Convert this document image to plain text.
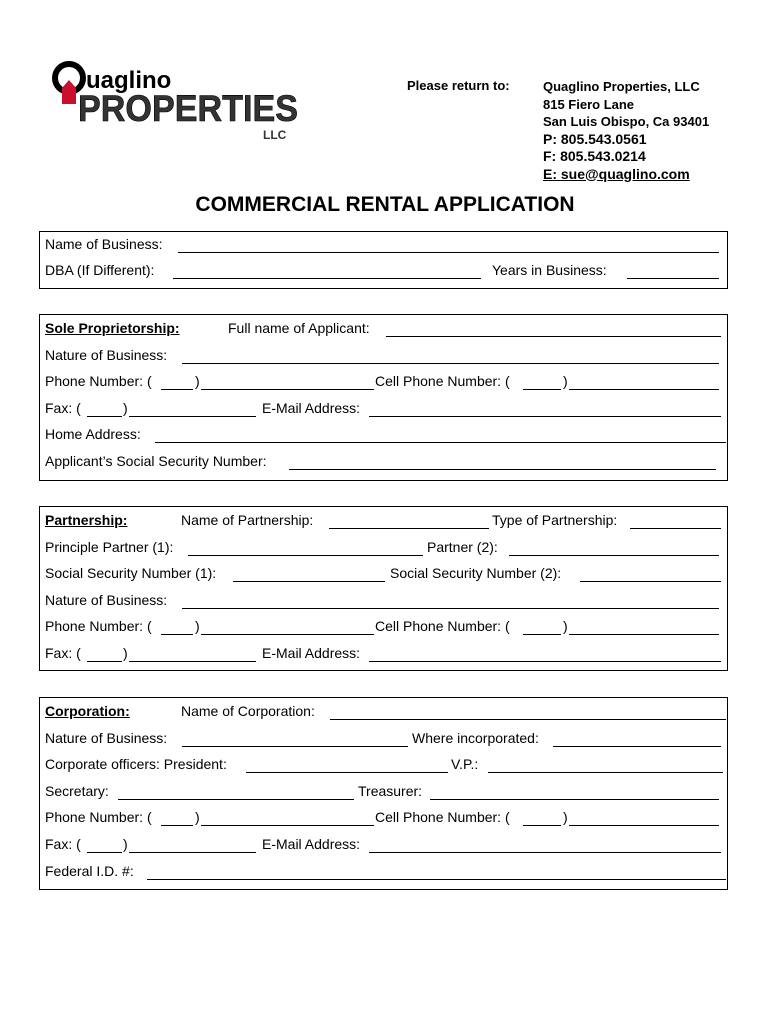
uaglino
PROPERTIES
LLC
Please return to:	Quaglino Properties, LLC
815 Fiero Lane
San Luis Obispo, Ca 93401
P: 805.543.0561
F: 805.543.0214
E: sue@quaglino.com
COMMERCIAL RENTAL APPLICATION
Name of Business:
DBA (If Different):	Years in Business:
Sole Proprietorship:	Full name of Applicant:
Nature of Business:
Phone Number: (	)	Cell Phone Number: (	)
Fax: (	)	E-Mail Address:
Home Address:
Applicant’s Social Security Number:
Partnership:	Name of Partnership:	Type of Partnership:
Principle Partner (1):	Partner (2):
Social Security Number (1):	Social Security Number (2):
Nature of Business:
Phone Number: (	)	Cell Phone Number: (	)
Fax: (	)	E-Mail Address:
Corporation:	Name of Corporation:
Nature of Business:	Where incorporated:
Corporate officers: President:	V.P.:
Secretary:	Treasurer:
Phone Number: (	)	Cell Phone Number: (	)
Fax: (	)	E-Mail Address:
Federal I.D. #:
